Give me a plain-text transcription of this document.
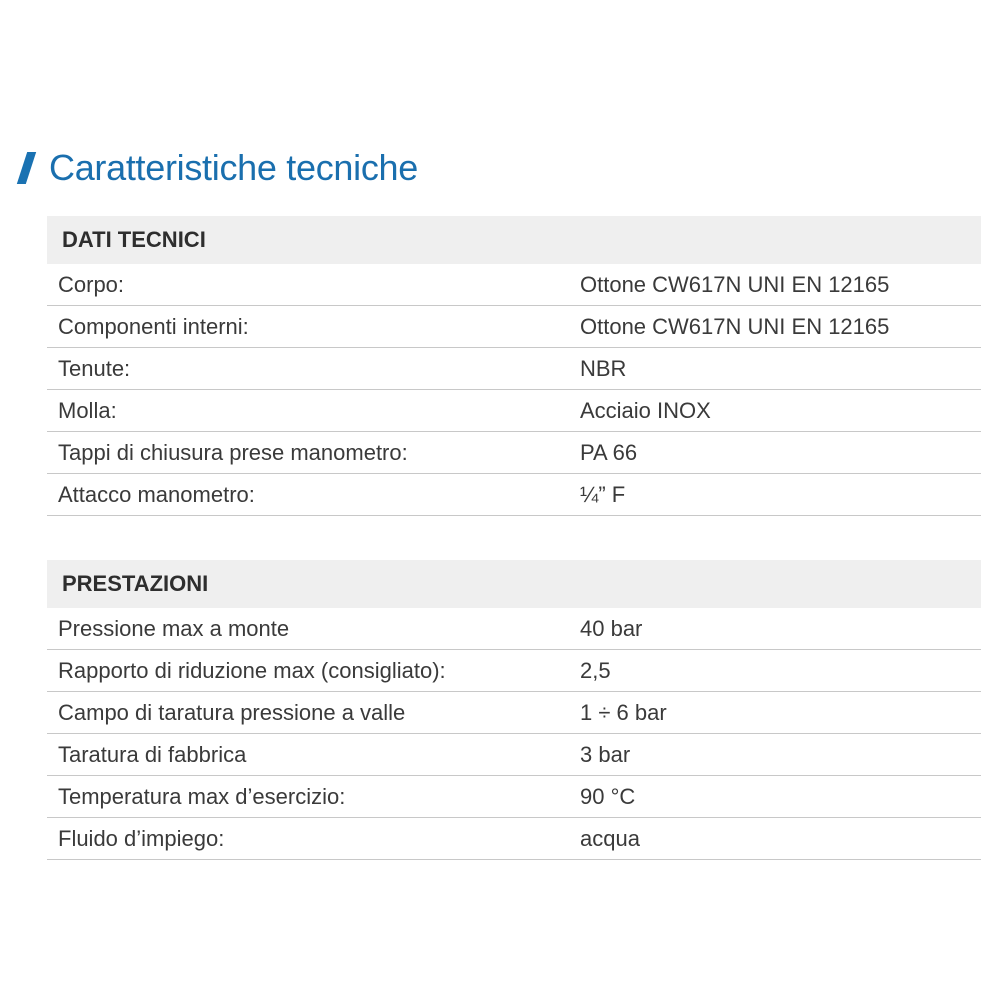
Caratteristiche tecniche
DATI TECNICI
Corpo:	Ottone CW617N UNI EN 12165
Componenti interni:	Ottone CW617N UNI EN 12165
Tenute:	NBR
Molla:	Acciaio INOX
Tappi di chiusura prese manometro:	PA 66
Attacco manometro:	¼” F
PRESTAZIONI
Pressione max a monte	40 bar
Rapporto di riduzione max (consigliato):	2,5
Campo di taratura pressione a valle	1 ÷ 6 bar
Taratura di fabbrica	3 bar
Temperatura max d’esercizio:	90 °C
Fluido d’impiego:	acqua
